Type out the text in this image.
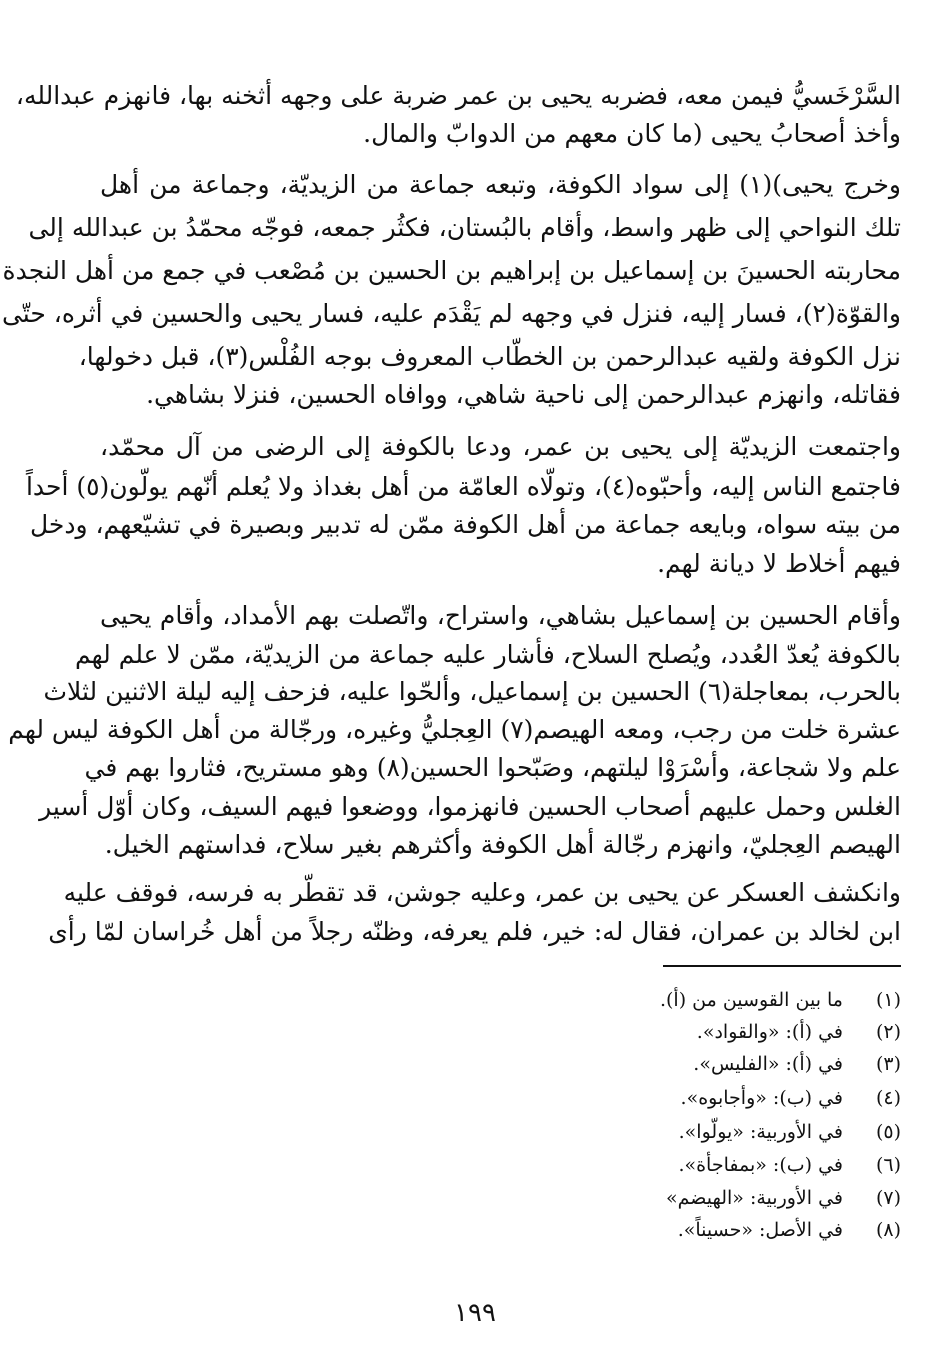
السَّرْخَسيُّ فيمن معه، فضربه يحيى بن عمر ضربة على وجهه أثخنه بها، فانهزم عبدالله،
وأخذ أصحابُ يحيى (ما كان معهم من الدوابّ والمال.
وخرج يحيى)(١) إلى سواد الكوفة، وتبعه جماعة من الزيديّة، وجماعة من أهل
تلك النواحي إلى ظهر واسط، وأقام بالبُستان، فكثُر جمعه، فوجّه محمّدُ بن عبدالله إلى
محاربته الحسينَ بن إسماعيل بن إبراهيم بن الحسين بن مُصْعب في جمع من أهل النجدة
والقوّة(٢)، فسار إليه، فنزل في وجهه لم يَقْدَم عليه، فسار يحيى والحسين في أثره، حتّى
نزل الكوفة ولقيه عبدالرحمن بن الخطّاب المعروف بوجه الفُلْس(٣)، قبل دخولها،
فقاتله، وانهزم عبدالرحمن إلى ناحية شاهي، ووافاه الحسين، فنزلا بشاهي.
واجتمعت الزيديّة إلى يحيى بن عمر، ودعا بالكوفة إلى الرضى من آل محمّد،
فاجتمع الناس إليه، وأحبّوه(٤)، وتولّاه العامّة من أهل بغداذ ولا يُعلم أنّهم يولّون(٥) أحداً
من بيته سواه، وبايعه جماعة من أهل الكوفة ممّن له تدبير وبصيرة في تشيّعهم، ودخل
فيهم أخلاط لا ديانة لهم.
وأقام الحسين بن إسماعيل بشاهي، واستراح، واتّصلت بهم الأمداد، وأقام يحيى
بالكوفة يُعدّ العُدد، ويُصلح السلاح، فأشار عليه جماعة من الزيديّة، ممّن لا علم لهم
بالحرب، بمعاجلة(٦) الحسين بن إسماعيل، وألحّوا عليه، فزحف إليه ليلة الاثنين لثلاث
عشرة خلت من رجب، ومعه الهيصم(٧) العِجليُّ وغيره، ورجّالة من أهل الكوفة ليس لهم
علم ولا شجاعة، وأسْرَوْا ليلتهم، وصَبّحوا الحسين(٨) وهو مستريح، فثاروا بهم في
الغلس وحمل عليهم أصحاب الحسين فانهزموا، ووضعوا فيهم السيف، وكان أوّل أسير
الهيصم العِجليّ، وانهزم رجّالة أهل الكوفة وأكثرهم بغير سلاح، فداستهم الخيل.
وانكشف العسكر عن يحيى بن عمر، وعليه جوشن، قد تقطّر به فرسه، فوقف عليه
ابن لخالد بن عمران، فقال له: خير، فلم يعرفه، وظنّه رجلاً من أهل خُراسان لمّا رأى
(١)ما بين القوسين من (أ).
(٢)في (أ): «والقواد».
(٣)في (أ): «الفليس».
(٤)في (ب): «وأجابوه».
(٥)في الأوربية: «يولّوا».
(٦)في (ب): «بمفاجأة».
(٧)في الأوربية: «الهيضم»
(٨)في الأصل: «حسيناً».
١٩٩
